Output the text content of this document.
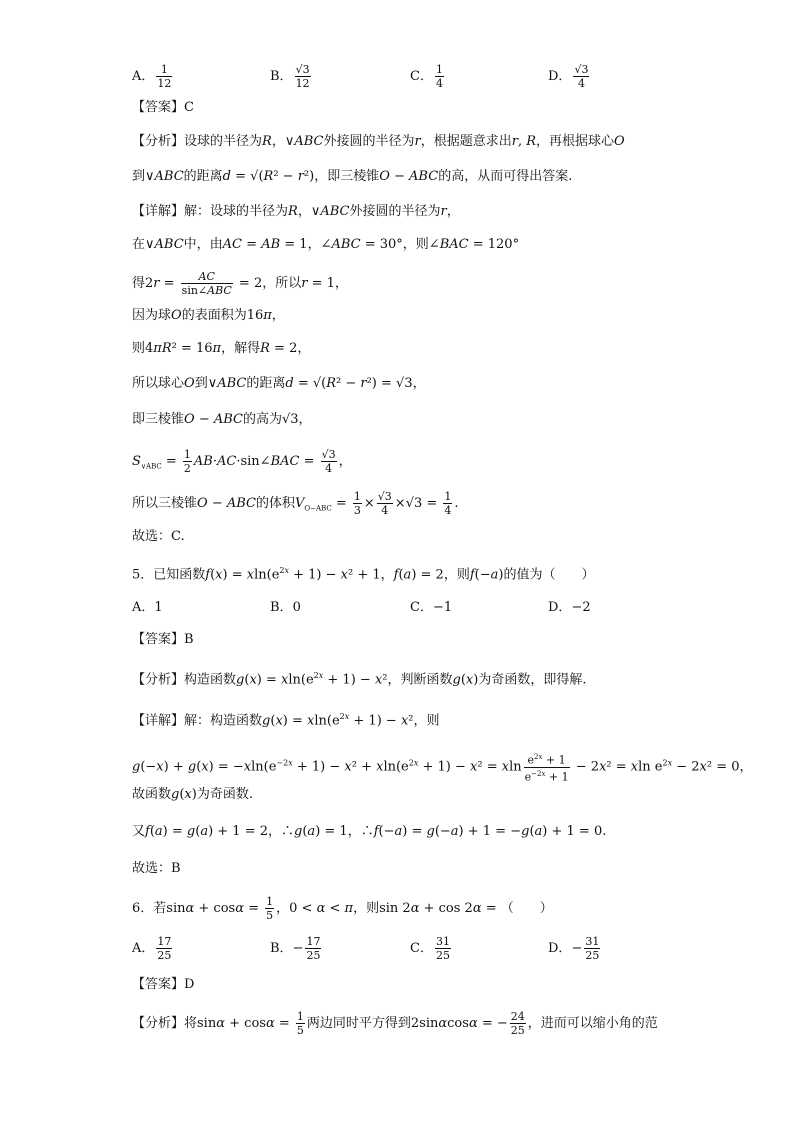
A． $\frac{1}{12}$	B． $\frac{√3}{12}$	C． $\frac{1}{4}$	D． $\frac{√3}{4}$
【答案】C
【分析】设球的半径为R，∨ABC外接圆的半径为r，根据题意求出r, R，再根据球心O
到∨ABC的距离d = √(R² − r²)，即三棱锥O − ABC的高，从而可得出答案.
【详解】解：设球的半径为R，∨ABC外接圆的半径为r，
在∨ABC中，由AC = AB = 1，∠ABC = 30°，则∠BAC = 120°
得$2r = \frac{AC}{\text{sin∠ABC}} = 2$，所以r = 1，
因为球O的表面积为16π，
则4πR² = 16π，解得R = 2，
所以球心O到∨ABC的距离d = √(R² − r²) = √3，
即三棱锥O − ABC的高为√3，
$S_{\vee ABC} = \frac{1}{2}$ AB·AC·sin∠BAC = $\frac{√3}{4}$ ，
所以三棱锥O − ABC的体积$V_{O-ABC} = \frac{1}{3} \times \frac{√3}{4} \times√3 = \frac{1}{4}$ .
故选：C.
5．已知函数$f(x) = xln(e^{2x} + 1) - x^2 + 1$，f(a) = 2，则f(−a)的值为（　　）
A．1	B．0	C．−1	D．−2
【答案】B
【分析】构造函数$g(x) = xln(e^{2x} + 1) - x^2$，判断函数g(x)为奇函数，即得解.
【详解】解：构造函数$g(x) = xln(e^{2x} + 1) - x^2$，则
$g(-x) + g(x) = -xln(e^{-2x} + 1) - x^2 + xln(e^{2x} + 1) - x^2 = xln \frac{e^{2x} + 1}{e^{-2x} + 1} - 2x^2 = xln$ $e^{2x} - 2x^2 = 0$，
故函数g(x)为奇函数.
又f(a) = g(a) + 1 = 2，∴g(a) = 1，∴f(−a) = g(−a) + 1 = −g(a) + 1 = 0.
故选：B
6．若$\sin\alpha + \cos\alpha = \frac{1}{5}$ ，0 < α < π，则sin 2α + cos 2α = （　　）
A． $\frac{17}{25}$	B．− $\frac{17}{25}$	C． $\frac{31}{25}$	D．− $\frac{31}{25}$
【答案】D
【分析】将$\sin\alpha + \cos\alpha = \frac{1}{5}$ 两边同时平方得到2sinαcosα = − $\frac{24}{25}$ ，进而可以缩小角的范
